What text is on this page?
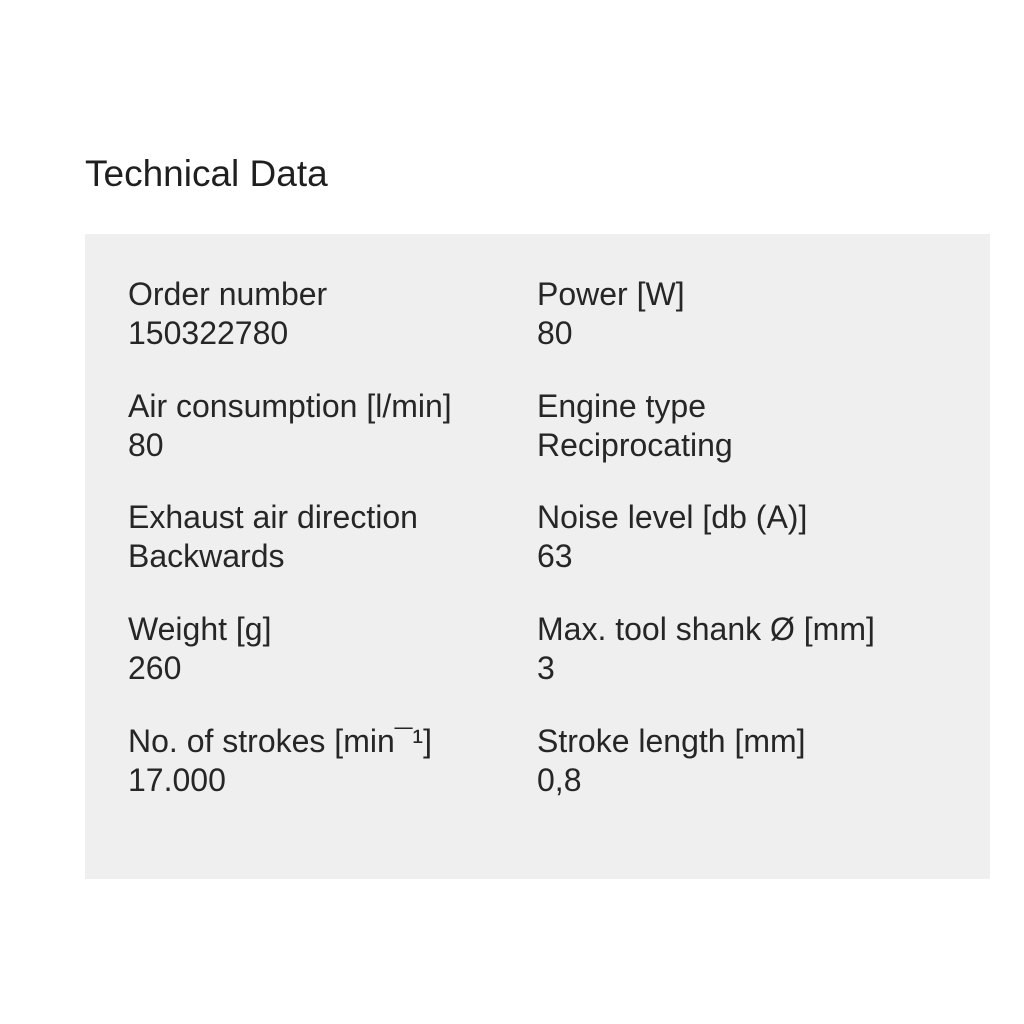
Technical Data
Order number
150322780
Power [W]
80
Air consumption [l/min]
80
Engine type
Reciprocating
Exhaust air direction
Backwards
Noise level [db (A)]
63
Weight [g]
260
Max. tool shank Ø [mm]
3
No. of strokes [min¯¹]
17.000
Stroke length [mm]
0,8
